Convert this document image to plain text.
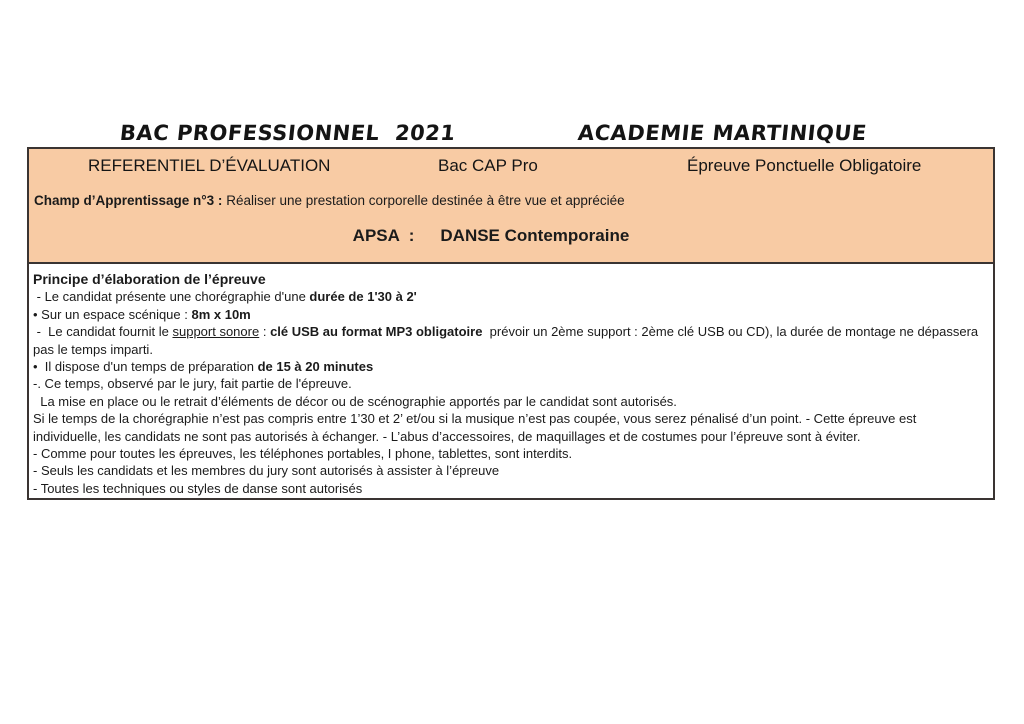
BAC PROFESSIONNEL  2021	ACADEMIE MARTINIQUE
REFERENTIEL D’ÉVALUATION	Bac CAP Pro	Épreuve Ponctuelle Obligatoire

Champ d’Apprentissage n°3 : Réaliser une prestation corporelle destinée à être vue et appréciée

APSA  : DANSE Contemporaine

Principe d’élaboration de l’épreuve

- Le candidat présente une chorégraphie d'une durée de 1'30 à 2'

• Sur un espace scénique : 8m x 10m

-  Le candidat fournit le support sonore : clé USB au format MP3 obligatoire  prévoir un 2ème support : 2ème clé USB ou CD), la durée de montage ne dépassera pas le temps imparti.

•  Il dispose d'un temps de préparation de 15 à 20 minutes

-. Ce temps, observé par le jury, fait partie de l'épreuve.

La mise en place ou le retrait d’éléments de décor ou de scénographie apportés par le candidat sont autorisés.

Si le temps de la chorégraphie n’est pas compris entre 1’30 et 2’ et/ou si la musique n’est pas coupée, vous serez pénalisé d’un point. - Cette épreuve est individuelle, les candidats ne sont pas autorisés à échanger. - L’abus d’accessoires, de maquillages et de costumes pour l’épreuve sont à éviter.

- Comme pour toutes les épreuves, les téléphones portables, I phone, tablettes, sont interdits.

- Seuls les candidats et les membres du jury sont autorisés à assister à l’épreuve

- Toutes les techniques ou styles de danse sont autorisés
